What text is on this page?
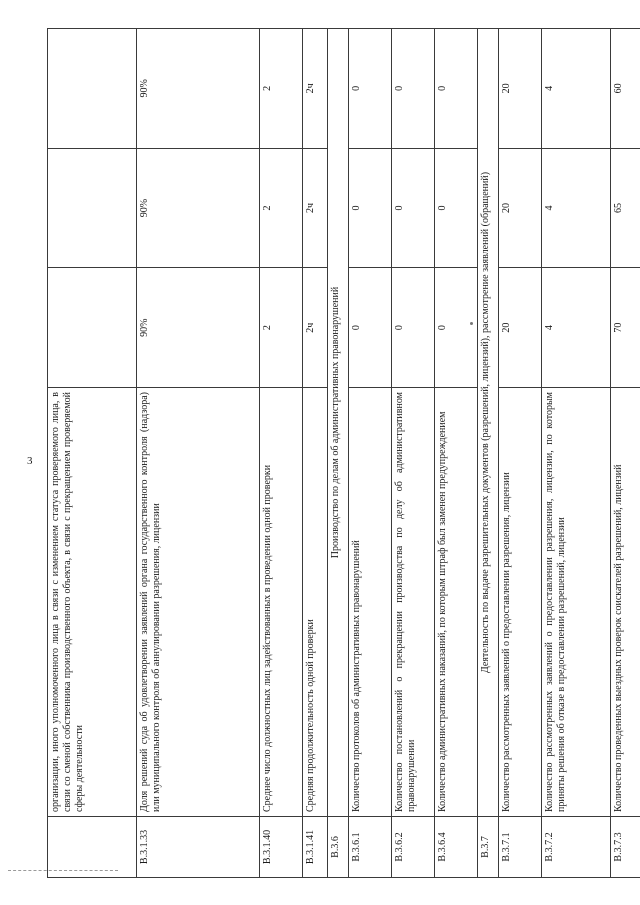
3
	организации, иного уполномоченного лица в связи с изменением статуса проверяемого лица, в связи со сменой собственника производственного объекта, в связи с прекращением проверяемой сферы деятельности			
В.3.1.33	Доля решений суда об удовлетворении заявлений органа государственного контроля (надзора) или муниципального контроля об аннулировании разрешения, лицензии	90%	90%	90%
В.3.1.40	Среднее число должностных лиц задействованных в проведении одной проверки	2	2	2
В.3.1.41	Средняя продолжительность одной проверки	2ч	2ч	2ч
В.3.6	Производство по делам об административных правонарушений			
В.3.6.1	Количество протоколов об административных правонарушений	0	0	0
В.3.6.2	Количество постановлений о прекращении производства по делу об административном правонарушении	0	0	0
В.3.6.4	Количество административных наказаний, по которым штраф был заменен предупреждением	0	0	0
В.3.7	Деятельность по выдаче разрешительных документов (разрешений, лицензий), рассмотрение заявлений (обращений)			
В.3.7.1	Количество рассмотренных заявлений о предоставлении разрешения, лицензии	20	20	20
В.3.7.2	Количество рассмотренных заявлений о предоставлении разрешения, лицензии, по которым приняты решения об отказе в предоставлении разрешений, лицензии	4	4	4
В.3.7.3	Количество проведенных выездных проверок соискателей разрешений, лицензий	70	65	60
